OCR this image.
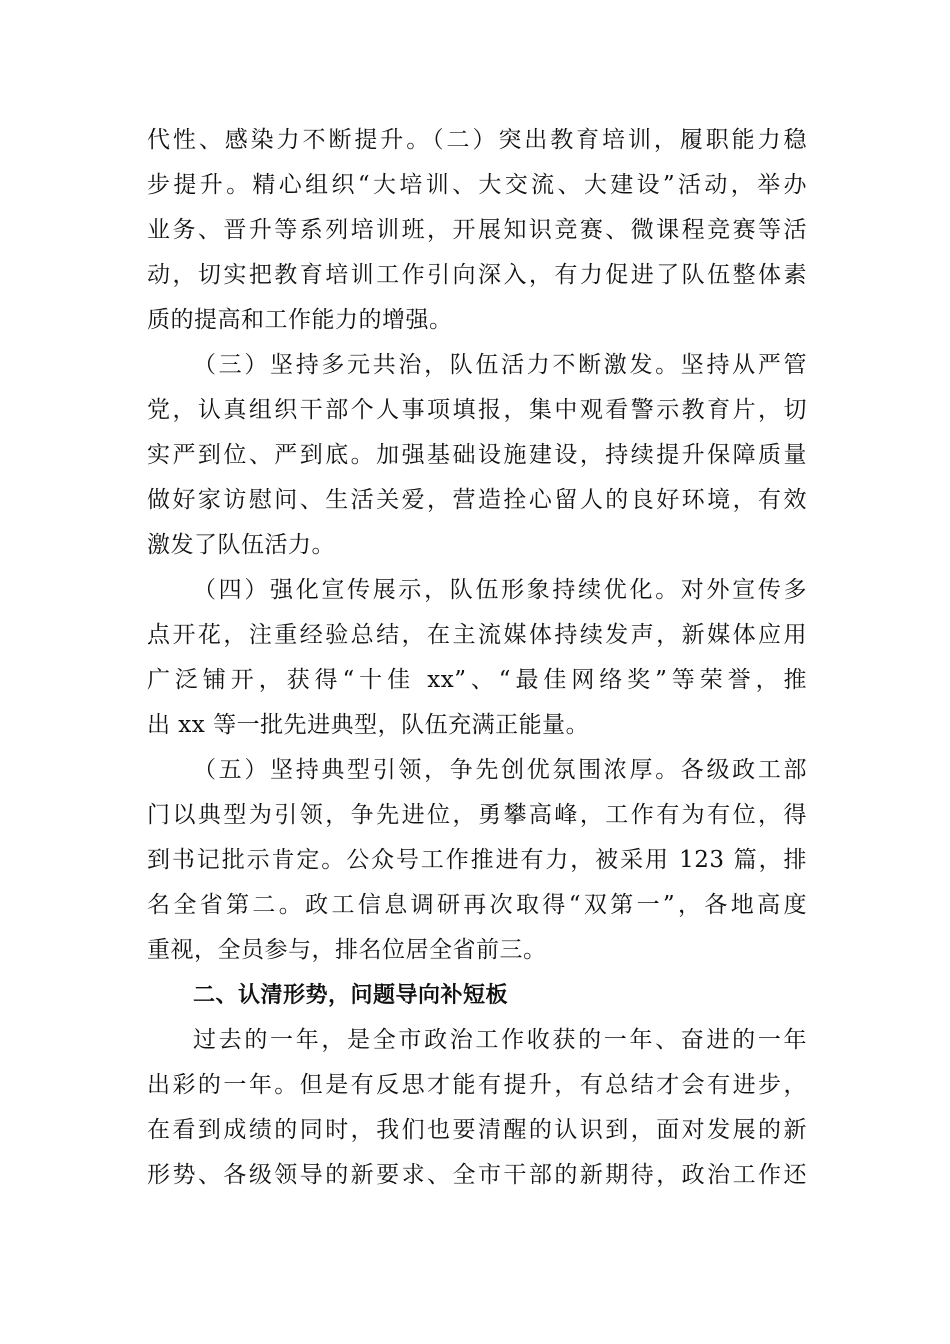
代性、感染力不断提升。（二）突出教育培训，履职能力稳
步提升。精心组织“大培训、大交流、大建设”活动，举办
业务、晋升等系列培训班，开展知识竞赛、微课程竞赛等活
动，切实把教育培训工作引向深入，有力促进了队伍整体素
质的提高和工作能力的增强。
（三）坚持多元共治，队伍活力不断激发。坚持从严管
党，认真组织干部个人事项填报，集中观看警示教育片，切
实严到位、严到底。加强基础设施建设，持续提升保障质量
做好家访慰问、生活关爱，营造拴心留人的良好环境，有效
激发了队伍活力。
（四）强化宣传展示，队伍形象持续优化。对外宣传多
点开花，注重经验总结，在主流媒体持续发声，新媒体应用
广泛铺开，获得“十佳 xx”、“最佳网络奖”等荣誉，推
出 xx 等一批先进典型，队伍充满正能量。
（五）坚持典型引领，争先创优氛围浓厚。各级政工部
门以典型为引领，争先进位，勇攀高峰，工作有为有位，得
到书记批示肯定。公众号工作推进有力，被采用 123 篇，排
名全省第二。政工信息调研再次取得“双第一”，各地高度
重视，全员参与，排名位居全省前三。
二、认清形势，问题导向补短板
过去的一年，是全市政治工作收获的一年、奋进的一年
出彩的一年。但是有反思才能有提升，有总结才会有进步，
在看到成绩的同时，我们也要清醒的认识到，面对发展的新
形势、各级领导的新要求、全市干部的新期待，政治工作还
